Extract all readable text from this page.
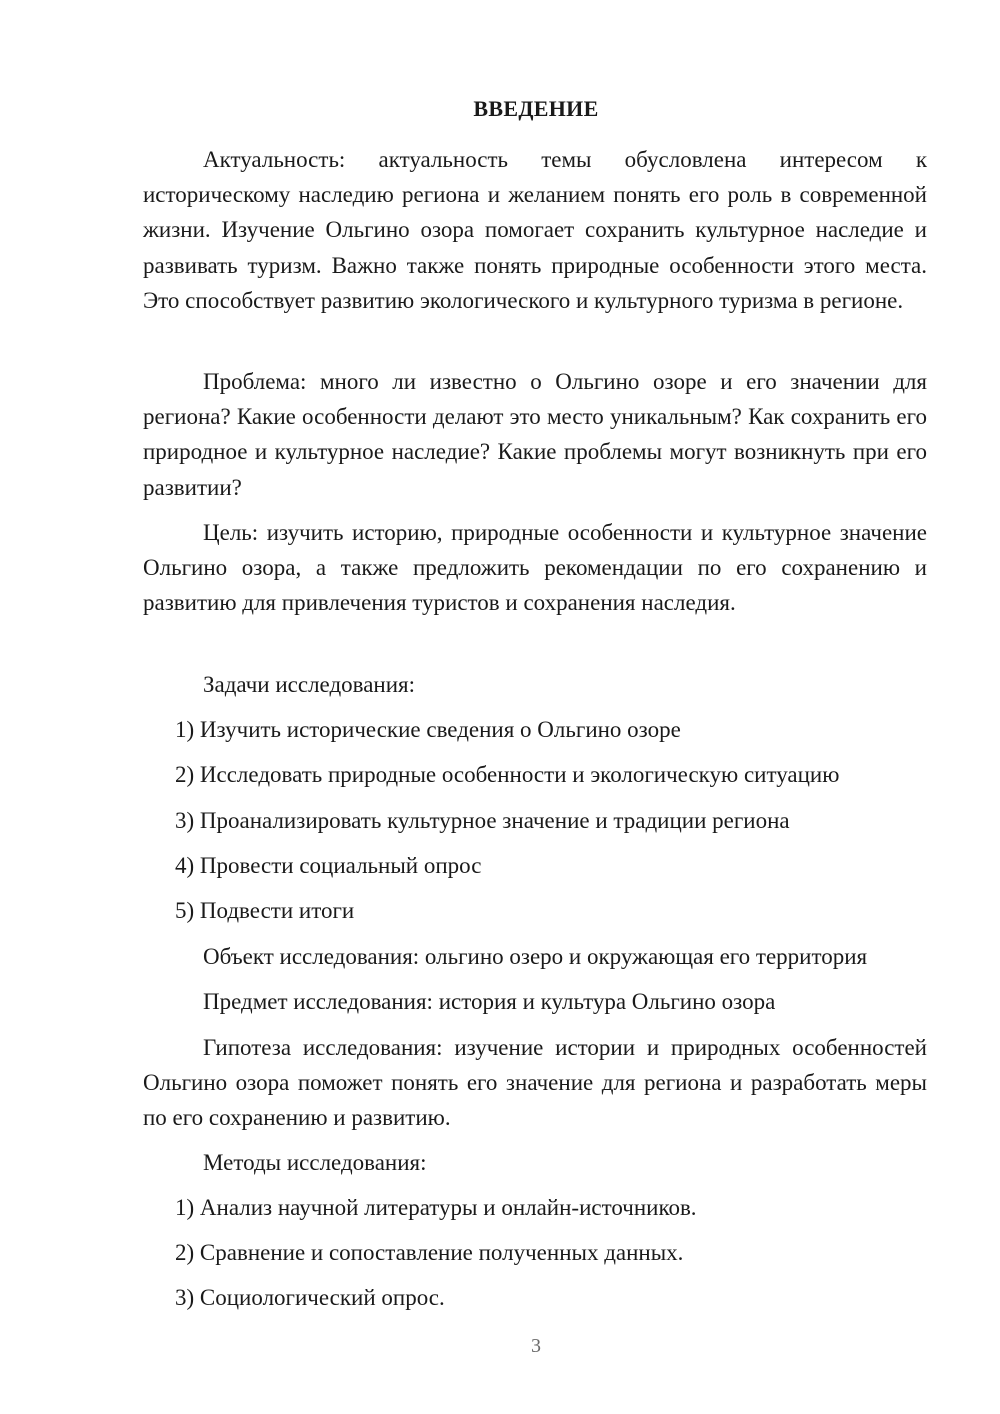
ВВЕДЕНИЕ

Актуальность: актуальность темы обусловлена интересом к историческому наследию региона и желанием понять его роль в современной жизни. Изучение Ольгино озора помогает сохранить культурное наследие и развивать туризм. Важно также понять природные особенности этого места. Это способствует развитию экологического и культурного туризма в регионе.

Проблема: много ли известно о Ольгино озоре и его значении для региона? Какие особенности делают это место уникальным? Как сохранить его природное и культурное наследие? Какие проблемы могут возникнуть при его развитии?

Цель: изучить историю, природные особенности и культурное значение Ольгино озора, а также предложить рекомендации по его сохранению и развитию для привлечения туристов и сохранения наследия.

Задачи исследования:

1) Изучить исторические сведения о Ольгино озоре

2) Исследовать природные особенности и экологическую ситуацию

3) Проанализировать культурное значение и традиции региона

4) Провести социальный опрос

5) Подвести итоги

Объект исследования: ольгино озеро и окружающая его территория

Предмет исследования: история и культура Ольгино озора

Гипотеза исследования: изучение истории и природных особенностей Ольгино озора поможет понять его значение для региона и разработать меры по его сохранению и развитию.

Методы исследования:

1) Анализ научной литературы и онлайн-источников.

2) Сравнение и сопоставление полученных данных.

3) Социологический опрос.

3
